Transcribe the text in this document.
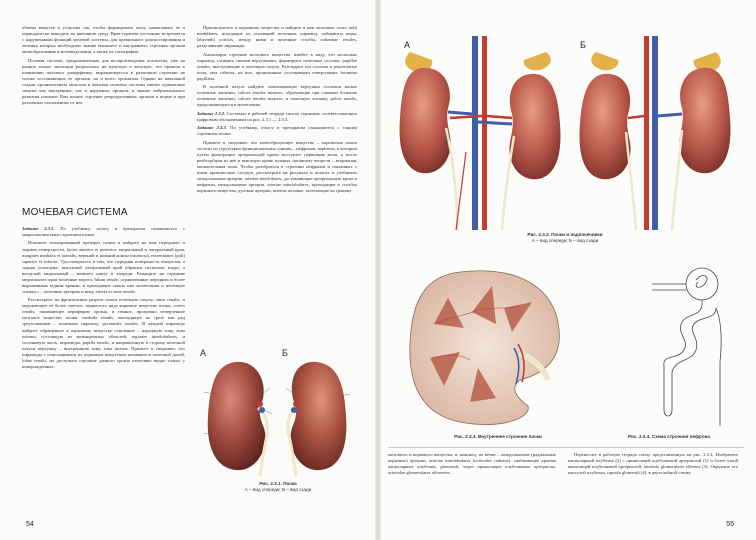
обмена веществ и устроена так, чтобы формировать мочу, накапливать ее и периодически выводить во внешнюю среду. Врач-терапевт постоянно встречается с нарушениями функций мочевой системы, для правильного диагностирования и лечения которых необходимо знание внешнего и внутреннего строения органов мочеобразования и мочевыделения, а также их топографии.

Половая система, предназначенная для воспроизведения потомства, уже на ранних этапах эволюции разделилась на мужскую и женскую, что привело к появлению полового диморфизма, выражающегося в различном строении не только составляющих ее органов, но и всего организма. Однако на начальной стадии организогенеза мужская и женская половые системы имеют одинаковые зачатки как внутренних, так и наружных органов, и знание эмбрионального развития поможет Вам понять строение репродуктивных органов в норме и при различных отклонениях от нее.

МОЧЕВАЯ СИСТЕМА

Задание 2.3.1. По учебнику, атласу и препаратам ознакомьтесь с макроскопическим строением почки.

Возьмите изолированный препарат почки и найдите на нем переднюю и заднюю поверхности, facies anterior et posterior, медиальный и латеральный края, margines medialis et lateralis, верхний и нижний концы (полюсы), extremitates (poli) superior et inferior. Удостоверьтесь в том, что передняя поверхность выпуклая, а задняя уплощена; выпуклый латеральный край обращен несколько кзади, а вогнутый медиальный – немного книзу и кпереди. Разыщите на середине медиального края почечные ворота, hilum renale, ограниченные передним и более выраженным задним краями, и проходящие сквозь них мочеточник и почечную «ножку» – почечные артерию и вену, arteria et vena renalis.

Рассмотрите на фронтальном разрезе почки почечную пазуху, sinus renalis, и окружающее её более светлое, зернистого вида корковое вещество почки, cortex renalis, занимающее периферию органа, и темное, прозрачно исчерченное мозговое вещество почки, medulla renalis, выглядящее на срезе как ряд треугольников – почечных пирамид, pyramides renales. В каждой пирамиде найдите обращенное к корковому веществу основание – наружную зону, zona externa, состоящую из межнирочных областей, regiones interlobulares, и сосочковую часть, пирамиды, papilla renalis, и направленную в сторону почечной пазухи верхушку – внутреннюю зону, zona interna. Примите к сведению, что пирамиды с относящимися их корковым веществом называются почечной долей, lobus renalis, но доступное строение данного органа отчетливо видно только у новорожденных.

Присмотритесь к корковому веществу и найдите в нем мозговые лучи, radii medullares, исходящие из оснований почечных пирамид, лабиринты коры, labyrinthi corticis, между ними и почечные столбы, columnae renales, разделяющие пирамиды.

Анализируя строение мозгового вещества, имейте в виду, что несколько пирамид, сливаясь своими верхушками, формируют почечные сосочки, papillae renales, выступающие в почечную пазуху. Разглядите эти сосочки и решетчатые поля, area cribrosa, на них, пронизанные сосочковыми отверстиями, foramina papillaria.

В почечной пазухе найдите охватывающие верхушки сосочков малые почечные чашечки, calices renales minores, образующие при слиянии большие почечные чашечки, calices renales majores, и почечную лоханку, pelvis renalis, продолжающуюся в мочеточник.

Задание 2.3.2. Составьте в рабочей тетради список терминов, соответствующих цифровым обозначениям на рис. 2.3.1 — 2.3.3.

Задание 2.3.3. По учебнику, атласу и препаратам ознакомьтесь с тонким строением почки.

Примите к сведению, что мочеобразующее вещество – паренхима почки состоит из структурно-функциональных единиц – нефронов, nephrons, к которым путем фильтрации артериальной крови поступает первичная моча, а после реабсорбции из нее в венозную кровь нужных организму веществ – вторичная, окончательная моча. Чтобы разобраться в строении нефронов и связанных с ними кровеносных сосудов, рассмотрите на рисунках и атласах и учебниках междольковые артерии, arteriae interlobares, доставляющие артериальную кровь в нефроны, междольковые артерии, arteriae interlobulares, проходящие в столбах коркового вещества, дуговые артерии, arteriae arcuatae, залегающие на границе

А	Б
Рис. 2.3.1. Почка
А – вид спереди; Б – вид сзади
54
А	Б
Рис. 2.3.2. Почки и надпочечники
А – вид спереди; Б – вид сзади
Рис. 2.3.3. Внутреннее строение почки	Рис. 2.3.4. Схема строения нефрона

мозгового и коркового вещества, и, наконец, их ветви – междольковые (радиальные корковые) артерии, arteriae interlobulares (corticales radiatae), снабжающие кровью капиллярные клубочки, glomeruli, через приносящие клубочковые артериолы, arteriolae glomerulares afferentes.

Перенесите в рабочую тетрадь схему, представленную на рис. 2.3.4. Изобразите капиллярный клубочек (2) с приносящей клубочковой артериолой (1) и более узкой выносящей клубочковой артериолой, arteriola glomerularis efferens (3). Окружите его капсулой клубочка, capsula glomeruli (4), в двухслойной стенке

55
